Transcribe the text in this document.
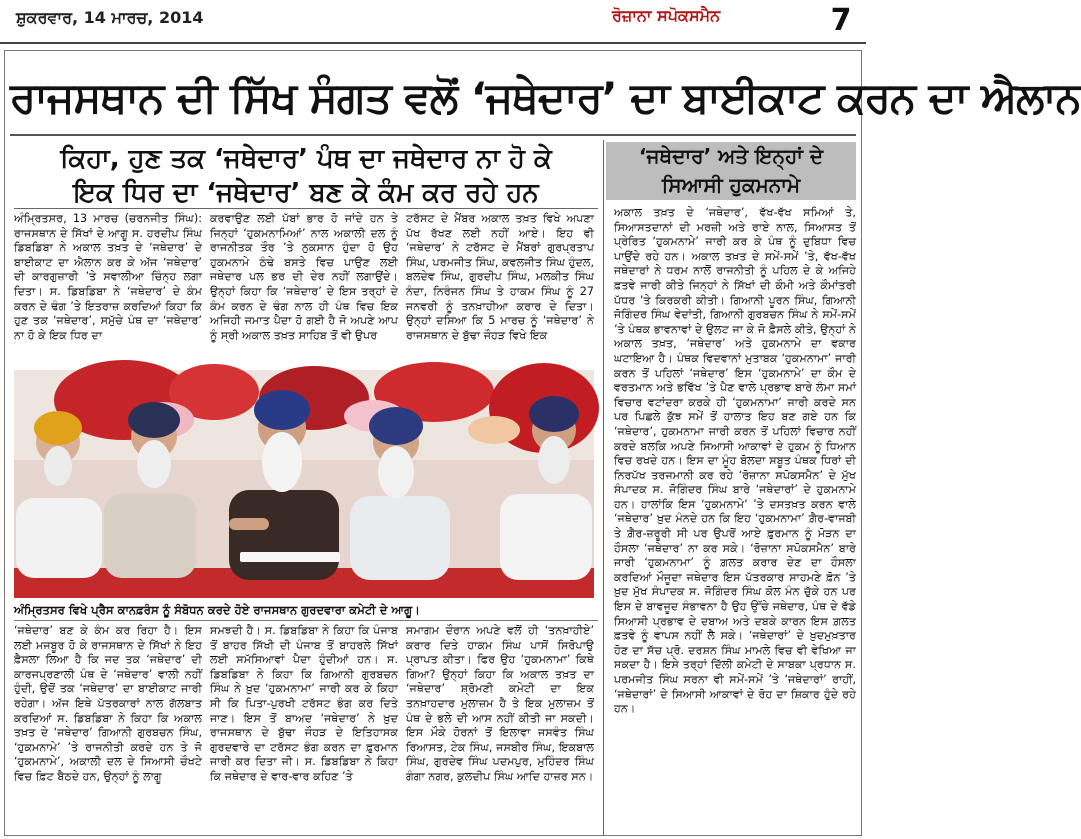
ਸ਼ੁਕਰਵਾਰ, 14 ਮਾਰਚ, 2014	ਰੋਜ਼ਾਨਾ ਸਪੋਕਸਮੈਨ	7
ਰਾਜਸਥਾਨ ਦੀ ਸਿੱਖ ਸੰਗਤ ਵਲੋਂ ‘ਜਥੇਦਾਰ’ ਦਾ ਬਾਈਕਾਟ ਕਰਨ ਦਾ ਐਲਾਨ
ਕਿਹਾ, ਹੁਣ ਤਕ ‘ਜਥੇਦਾਰ’ ਪੰਥ ਦਾ ਜਥੇਦਾਰ ਨਾ ਹੋ ਕੇ
ਇਕ ਧਿਰ ਦਾ ‘ਜਥੇਦਾਰ’ ਬਣ ਕੇ ਕੰਮ ਕਰ ਰਹੇ ਹਨ
‘ਜਥੇਦਾਰ’ ਅਤੇ ਇਨ੍ਹਾਂ ਦੇ
ਸਿਆਸੀ ਹੁਕਮਨਾਮੇ

ਅਕਾਲ ਤਖ਼ਤ ਦੇ ‘ਜਥੇਦਾਰ’, ਵੱਖ-ਵੱਖ ਸਮਿਆਂ ਤੇ, ਸਿਆਸਤਦਾਨਾਂ ਦੀ ਮਰਜ਼ੀ ਅਤੇ ਰਾਏ ਨਾਲ, ਸਿਆਸਤ ਤੋਂ ਪ੍ਰੇਰਿਤ ‘ਹੁਕਮਨਾਮੇ’ ਜਾਰੀ ਕਰ ਕੇ ਪੰਥ ਨੂੰ ਦੁਬਿਧਾ ਵਿਚ ਪਾਉਂਦੇ ਰਹੇ ਹਨ। ਅਕਾਲ ਤਖ਼ਤ ਦੇ ਸਮੇਂ-ਸਮੇਂ ’ਤੇ, ਵੱਖ-ਵੱਖ ਜਥੇਦਾਰਾਂ ਨੇ ਧਰਮ ਨਾਲੋਂ ਰਾਜਨੀਤੀ ਨੂੰ ਪਹਿਲ ਦੇ ਕੇ ਅਜਿਹੇ ਫ਼ਤਵੇ ਜਾਰੀ ਕੀਤੇ ਜਿਨ੍ਹਾਂ ਨੇ ਸਿੱਖਾਂ ਦੀ ਕੌਮੀ ਅਤੇ ਕੌਮਾਂਤਰੀ ਪੱਧਰ ’ਤੇ ਕਿਰਕਰੀ ਕੀਤੀ। ਗਿਆਨੀ ਪੂਰਨ ਸਿੰਘ, ਗਿਆਨੀ ਜੋਗਿੰਦਰ ਸਿੰਘ ਵੇਦਾਂਤੀ, ਗਿਆਨੀ ਗੁਰਬਚਨ ਸਿੰਘ ਨੇ ਸਮੇਂ-ਸਮੇਂ ’ਤੇ ਪੰਥਕ ਭਾਵਨਾਵਾਂ ਦੇ ਉਲਟ ਜਾ ਕੇ ਜੋ ਫ਼ੈਸਲੇ ਕੀਤੇ, ਉਨ੍ਹਾਂ ਨੇ ਅਕਾਲ ਤਖ਼ਤ, ‘ਜਥੇਦਾਰ’ ਅਤੇ ਹੁਕਮਨਾਮੇ ਦਾ ਵਕਾਰ ਘਟਾਇਆ ਹੈ। ਪੰਥਕ ਵਿਦਵਾਨਾਂ ਮੁਤਾਬਕ ‘ਹੁਕਮਨਾਮਾ’ ਜਾਰੀ ਕਰਨ ਤੋਂ ਪਹਿਲਾਂ ‘ਜਥੇਦਾਰ’ ਇਸ ‘ਹੁਕਮਨਾਮੇ’ ਦਾ ਕੌਮ ਦੇ ਵਰਤਮਾਨ ਅਤੇ ਭਵਿੱਖ ’ਤੇ ਪੈਣ ਵਾਲੇ ਪ੍ਰਭਾਵ ਬਾਰੇ ਲੰਮਾ ਸਮਾਂ ਵਿਚਾਰ ਵਟਾਂਦਰਾ ਕਰਕੇ ਹੀ ‘ਹੁਕਮਨਾਮਾ’ ਜਾਰੀ ਕਰਦੇ ਸਨ ਪਰ ਪਿਛਲੇ ਕੁੱਝ ਸਮੇਂ ਤੋਂ ਹਾਲਾਤ ਇਹ ਬਣ ਗਏ ਹਨ ਕਿ ‘ਜਥੇਦਾਰ’, ਹੁਕਮਨਾਮਾ ਜਾਰੀ ਕਰਨ ਤੋਂ ਪਹਿਲਾਂ ਵਿਚਾਰ ਨਹੀਂ ਕਰਦੇ ਬਲਕਿ ਅਪਣੇ ਸਿਆਸੀ ਆਕਾਵਾਂ ਦੇ ਹੁਕਮ ਨੂੰ ਧਿਆਨ ਵਿਚ ਰਖਦੇ ਹਨ। ਇਸ ਦਾ ਮੂੰਹ ਬੋਲਦਾ ਸਬੂਤ ਪੰਥਕ ਧਿਰਾਂ ਦੀ ਨਿਰਪੱਖ ਤਰਜਮਾਨੀ ਕਰ ਰਹੇ ‘ਰੋਜ਼ਾਨਾ ਸਪੋਕਸਮੈਨ’ ਦੇ ਮੁੱਖ ਸੰਪਾਦਕ ਸ. ਜੋਗਿੰਦਰ ਸਿੰਘ ਬਾਰੇ ‘ਜਥੇਦਾਰਾਂ’ ਦੇ ਹੁਕਮਨਾਮੇ ਹਨ। ਹਾਲਾਂਕਿ ਇਸ ‘ਹੁਕਮਨਾਮੇ’ ’ਤੇ ਦਸਤਖ਼ਤ ਕਰਨ ਵਾਲੇ ‘ਜਥੇਦਾਰ’ ਖ਼ੁਦ ਮੰਨਦੇ ਹਨ ਕਿ ਇਹ ‘ਹੁਕਮਨਾਮਾ’ ਗ਼ੈਰ-ਵਾਜਬੀ ਤੇ ਗ਼ੈਰ-ਜ਼ਰੂਰੀ ਸੀ ਪਰ ਉਪਰੋਂ ਆਏ ਫ਼ੁਰਮਾਨ ਨੂੰ ਮੋੜਨ ਦਾ ਹੌਸਲਾ ‘ਜਥੇਦਾਰ’ ਨਾ ਕਰ ਸਕੇ। ‘ਰੋਜ਼ਾਨਾ ਸਪੋਕਸਮੈਨ’ ਬਾਰੇ ਜਾਰੀ ‘ਹੁਕਮਨਾਮਾ’ ਨੂੰ ਗ਼ਲਤ ਕਰਾਰ ਦੇਣ ਦਾ ਹੌਸਲਾ ਕਰਦਿਆਂ ਮੌਜੂਦਾ ਜਥੇਦਾਰ ਇਸ ਪੱਤਰਕਾਰ ਸਾਹਮਣੇ ਫ਼ੋਨ ’ਤੇ ਖ਼ੁਦ ਮੁੱਖ ਸੰਪਾਦਕ ਸ. ਜੋਗਿੰਦਰ ਸਿੰਘ ਕੋਲ ਮੰਨ ਚੁੱਕੇ ਹਨ ਪਰ ਇਸ ਦੇ ਬਾਵਜੂਦ ਸੰਭਾਵਨਾ ਹੈ ਉਹ ਉੱਚੇ ਜਥੇਦਾਰ, ਪੰਥ ਦੇ ਵੱਡੇ ਸਿਆਸੀ ਪ੍ਰਭਾਵ ਦੇ ਦਬਾਅ ਅਤੇ ਦਬਕੇ ਕਾਰਨ ਇਸ ਗ਼ਲਤ ਫ਼ਤਵੇ ਨੂੰ ਵਾਪਸ ਨਹੀਂ ਲੈ ਸਕੇ। ‘ਜਥੇਦਾਰਾਂ’ ਦੇ ਖ਼ੁਦਮੁਖ਼ਤਾਰ ਹੋਣ ਦਾ ਸੱਚ ਪ੍ਰੋ. ਦਰਸ਼ਨ ਸਿੰਘ ਮਾਮਲੇ ਵਿਚ ਵੀ ਵੇਖਿਆ ਜਾ ਸਕਦਾ ਹੈ। ਇਸੇ ਤਰ੍ਹਾਂ ਦਿੱਲੀ ਕਮੇਟੀ ਦੇ ਸਾਬਕਾ ਪ੍ਰਧਾਨ ਸ. ਪਰਮਜੀਤ ਸਿੰਘ ਸਰਨਾ ਵੀ ਸਮੇਂ-ਸਮੇਂ ’ਤੇ ‘ਜਥੇਦਾਰਾਂ’ ਰਾਹੀਂ, ‘ਜਥੇਦਾਰਾਂ’ ਦੇ ਸਿਆਸੀ ਆਕਾਵਾਂ ਦੇ ਰੋਹ ਦਾ ਸ਼ਿਕਾਰ ਹੁੰਦੇ ਰਹੇ ਹਨ।

ਅੰਮ੍ਰਿਤਸਰ, 13 ਮਾਰਚ (ਚਰਨਜੀਤ ਸਿੰਘ): ਰਾਜਸਥਾਨ ਦੇ ਸਿੱਖਾਂ ਦੇ ਆਗੂ ਸ. ਹਰਦੀਪ ਸਿੰਘ ਡਿਬਡਿਬਾ ਨੇ ਅਕਾਲ ਤਖ਼ਤ ਦੇ ‘ਜਥੇਦਾਰ’ ਦੇ ਬਾਈਕਾਟ ਦਾ ਐਲਾਨ ਕਰ ਕੇ ਅੱਜ ‘ਜਥੇਦਾਰ’ ਦੀ ਕਾਰਗੁਜ਼ਾਰੀ ’ਤੇ ਸਵਾਲੀਆ ਚਿੰਨ੍ਹ ਲਗਾ ਦਿਤਾ। ਸ. ਡਿਬਡਿਬਾ ਨੇ ‘ਜਥੇਦਾਰ’ ਦੇ ਕੰਮ ਕਰਨ ਦੇ ਢੰਗ ’ਤੇ ਇਤਰਾਜ਼ ਕਰਦਿਆਂ ਕਿਹਾ ਕਿ ਹੁਣ ਤਕ ‘ਜਥੇਦਾਰ’, ਸਮੁੱਚੇ ਪੰਥ ਦਾ ‘ਜਥੇਦਾਰ’ ਨਾ ਹੋ ਕੇ ਇਕ ਧਿਰ ਦਾ

ਕਰਵਾਉਣ ਲਈ ਪੱਬਾਂ ਭਾਰ ਹੋ ਜਾਂਦੇ ਹਨ ਤੇ ਜਿਨ੍ਹਾਂ ‘ਹੁਕਮਨਾਮਿਆਂ’ ਨਾਲ ਅਕਾਲੀ ਦਲ ਨੂੰ ਰਾਜਨੀਤਕ ਤੌਰ ’ਤੇ ਨੁਕਸਾਨ ਹੁੰਦਾ ਹੋ ਉਹ ਹੁਕਮਨਾਮੇ ਠੰਢੇ ਬਸਤੇ ਵਿਚ ਪਾਉਣ ਲਈ ਜਥੇਦਾਰ ਪਲ ਭਰ ਦੀ ਦੇਰ ਨਹੀਂ ਲਗਾਉਂਦੇ। ਉਨ੍ਹਾਂ ਕਿਹਾ ਕਿ ‘ਜਥੇਦਾਰ’ ਦੇ ਇਸ ਤਰ੍ਹਾਂ ਦੇ ਕੰਮ ਕਰਨ ਦੇ ਢੰਗ ਨਾਲ ਹੀ ਪੰਥ ਵਿਚ ਇਕ ਅਜਿਹੀ ਜਮਾਤ ਪੈਦਾ ਹੋ ਗਈ ਹੈ ਜੋ ਅਪਣੇ ਆਪ ਨੂੰ ਸ੍ਰੀ ਅਕਾਲ ਤਖ਼ਤ ਸਾਹਿਬ ਤੋਂ ਵੀ ਉਪਰ

ਟਰੱਸਟ ਦੇ ਮੈਂਬਰ ਅਕਾਲ ਤਖ਼ਤ ਵਿਖੇ ਅਪਣਾ ਪੱਖ ਰੱਖਣ ਲਈ ਨਹੀਂ ਆਏ। ਇਹ ਵੀ ‘ਜਥੇਦਾਰ’ ਨੇ ਟਰੱਸਟ ਦੇ ਮੈਂਬਰਾਂ ਗੁਰਪ੍ਰਤਾਪ ਸਿੰਘ, ਪਰਮਜੀਤ ਸਿੰਘ, ਕਵਲਜੀਤ ਸਿੰਘ ਹੁੰਦਲ, ਬਲਦੇਵ ਸਿੰਘ, ਗੁਰਦੀਪ ਸਿੰਘ, ਮਲਕੀਤ ਸਿੰਘ ਨੰਦਾ, ਨਿਰੰਜਨ ਸਿੰਘ ਤੇ ਹਾਕਮ ਸਿੰਘ ਨੂੰ 27 ਜਨਵਰੀ ਨੂੰ ਤਨਖ਼ਾਹੀਆ ਕਰਾਰ ਦੇ ਦਿਤਾ। ਉਨ੍ਹਾਂ ਦਸਿਆ ਕਿ 5 ਮਾਰਚ ਨੂੰ ‘ਜਥੇਦਾਰ’ ਨੇ ਰਾਜਸਥਾਨ ਦੇ ਬੁੱਢਾ ਜੌਹੜ ਵਿਖੇ ਇਕ

ਅੰਮ੍ਰਿਤਸਰ ਵਿਖੇ ਪ੍ਰੈਸ ਕਾਨਫ਼ਰੰਸ ਨੂੰ ਸੰਬੋਧਨ ਕਰਦੇ ਹੋਏ ਰਾਜਸਥਾਨ ਗੁਰਦਵਾਰਾ ਕਮੇਟੀ ਦੇ ਆਗੂ।

‘ਜਥੇਦਾਰ’ ਬਣ ਕੇ ਕੰਮ ਕਰ ਰਿਹਾ ਹੈ। ਇਸ ਲਈ ਮਜਬੂਰ ਹੋ ਕੇ ਰਾਜਸਥਾਨ ਦੇ ਸਿੱਖਾਂ ਨੇ ਇਹ ਫ਼ੈਸਲਾ ਲਿਆ ਹੈ ਕਿ ਜਦ ਤਕ ‘ਜਥੇਦਾਰ’ ਦੀ ਕਾਰਜਪ੍ਰਣਾਲੀ ਪੰਥ ਦੇ ‘ਜਥੇਦਾਰ’ ਵਾਲੀ ਨਹੀਂ ਹੁੰਦੀ, ਉਦੋਂ ਤਕ ‘ਜਥੇਦਾਰ’ ਦਾ ਬਾਈਕਾਟ ਜਾਰੀ ਰਹੇਗਾ। ਅੱਜ ਇਥੇ ਪੱਤਰਕਾਰਾਂ ਨਾਲ ਗੱਲਬਾਤ ਕਰਦਿਆਂ ਸ. ਡਿਬਡਿਬਾ ਨੇ ਕਿਹਾ ਕਿ ਅਕਾਲ ਤਖ਼ਤ ਦੇ ‘ਜਥੇਦਾਰ’ ਗਿਆਨੀ ਗੁਰਬਚਨ ਸਿੰਘ, ‘ਹੁਕਮਨਾਮੇ’ ’ਤੇ ਰਾਜਨੀਤੀ ਕਰਦੇ ਹਨ ਤੇ ਜੋ ‘ਹੁਕਮਨਾਮੇ’, ਅਕਾਲੀ ਦਲ ਦੇ ਸਿਆਸੀ ਚੌਖਟੇ ਵਿਚ ਫ਼ਿਟ ਬੈਠਦੇ ਹਨ, ਉਨ੍ਹਾਂ ਨੂੰ ਲਾਗੂ

ਸਮਝਦੀ ਹੈ। ਸ. ਡਿਬਡਿਬਾ ਨੇ ਕਿਹਾ ਕਿ ਪੰਜਾਬ ਤੋਂ ਬਾਹਰ ਸਿੱਖੀ ਦੀ ਪੰਜਾਬ ਤੋਂ ਬਾਹਰਲੇ ਸਿੱਖਾਂ ਲਈ ਸਮੱਸਿਆਵਾਂ ਪੈਦਾ ਹੁੰਦੀਆਂ ਹਨ। ਸ. ਡਿਬਡਿਬਾ ਨੇ ਕਿਹਾ ਕਿ ਗਿਆਨੀ ਗੁਰਬਚਨ ਸਿੰਘ ਨੇ ਖ਼ੁਦ ‘ਹੁਕਮਨਾਮਾ’ ਜਾਰੀ ਕਰ ਕੇ ਕਿਹਾ ਸੀ ਕਿ ਪਿਤਾ-ਪੁਰਖੀ ਟਰੱਸਟ ਭੰਗ ਕਰ ਦਿਤੇ ਜਾਣ। ਇਸ ਤੋਂ ਬਾਅਦ ‘ਜਥੇਦਾਰ’ ਨੇ ਖ਼ੁਦ ਰਾਜਸਥਾਨ ਦੇ ਬੁੱਢਾ ਜੌਹੜ ਦੇ ਇਤਿਹਾਸਕ ਗੁਰਦਵਾਰੇ ਦਾ ਟਰੱਸਟ ਭੰਗ ਕਰਨ ਦਾ ਫ਼ੁਰਮਾਨ ਜਾਰੀ ਕਰ ਦਿਤਾ ਜੀ। ਸ. ਡਿਬਡਿਬਾ ਨੇ ਕਿਹਾ ਕਿ ਜਥੇਦਾਰ ਦੇ ਵਾਰ-ਵਾਰ ਕਹਿਣ ’ਤੇ

ਸਮਾਗਮ ਦੌਰਾਨ ਅਪਣੇ ਵਲੋਂ ਹੀ ‘ਤਨਖ਼ਾਹੀਏ’ ਕਰਾਰ ਦਿਤੇ ਹਾਕਮ ਸਿੰਘ ਪਾਸੋਂ ਸਿਰੋਪਾਉ ਪ੍ਰਾਪਤ ਕੀਤਾ। ਫਿਰ ਉਹ ‘ਹੁਕਮਨਾਮਾ’ ਕਿਥੇ ਗਿਆ? ਉਨ੍ਹਾਂ ਕਿਹਾ ਕਿ ਅਕਾਲ ਤਖ਼ਤ ਦਾ ‘ਜਥੇਦਾਰ’ ਸ਼੍ਰੋਮਣੀ ਕਮੇਟੀ ਦਾ ਇਕ ਤਨਖ਼ਾਹਦਾਰ ਮੁਲਾਜ਼ਮ ਹੈ ਤੇ ਇਕ ਮੁਲਾਜ਼ਮ ਤੋਂ ਪੰਥ ਦੇ ਭਲੇ ਦੀ ਆਸ ਨਹੀਂ ਕੀਤੀ ਜਾ ਸਕਦੀ। ਇਸ ਮੌਕੇ ਹੋਰਨਾਂ ਤੋਂ ਇਲਾਵਾ ਜਸਵੰਤ ਸਿੰਘ ਰਿਆਸਤ, ਟੇਕ ਸਿੰਘ, ਜਸਬੀਰ ਸਿੰਘ, ਇਕਬਾਲ ਸਿੰਘ, ਗੁਰਦੇਵ ਸਿੰਘ ਪਦਮਪੁਰ, ਮੁਹਿੰਦਰ ਸਿੰਘ ਗੰਗਾ ਨਗਰ, ਕੁਲਦੀਪ ਸਿੰਘ ਆਦਿ ਹਾਜ਼ਰ ਸਨ।
